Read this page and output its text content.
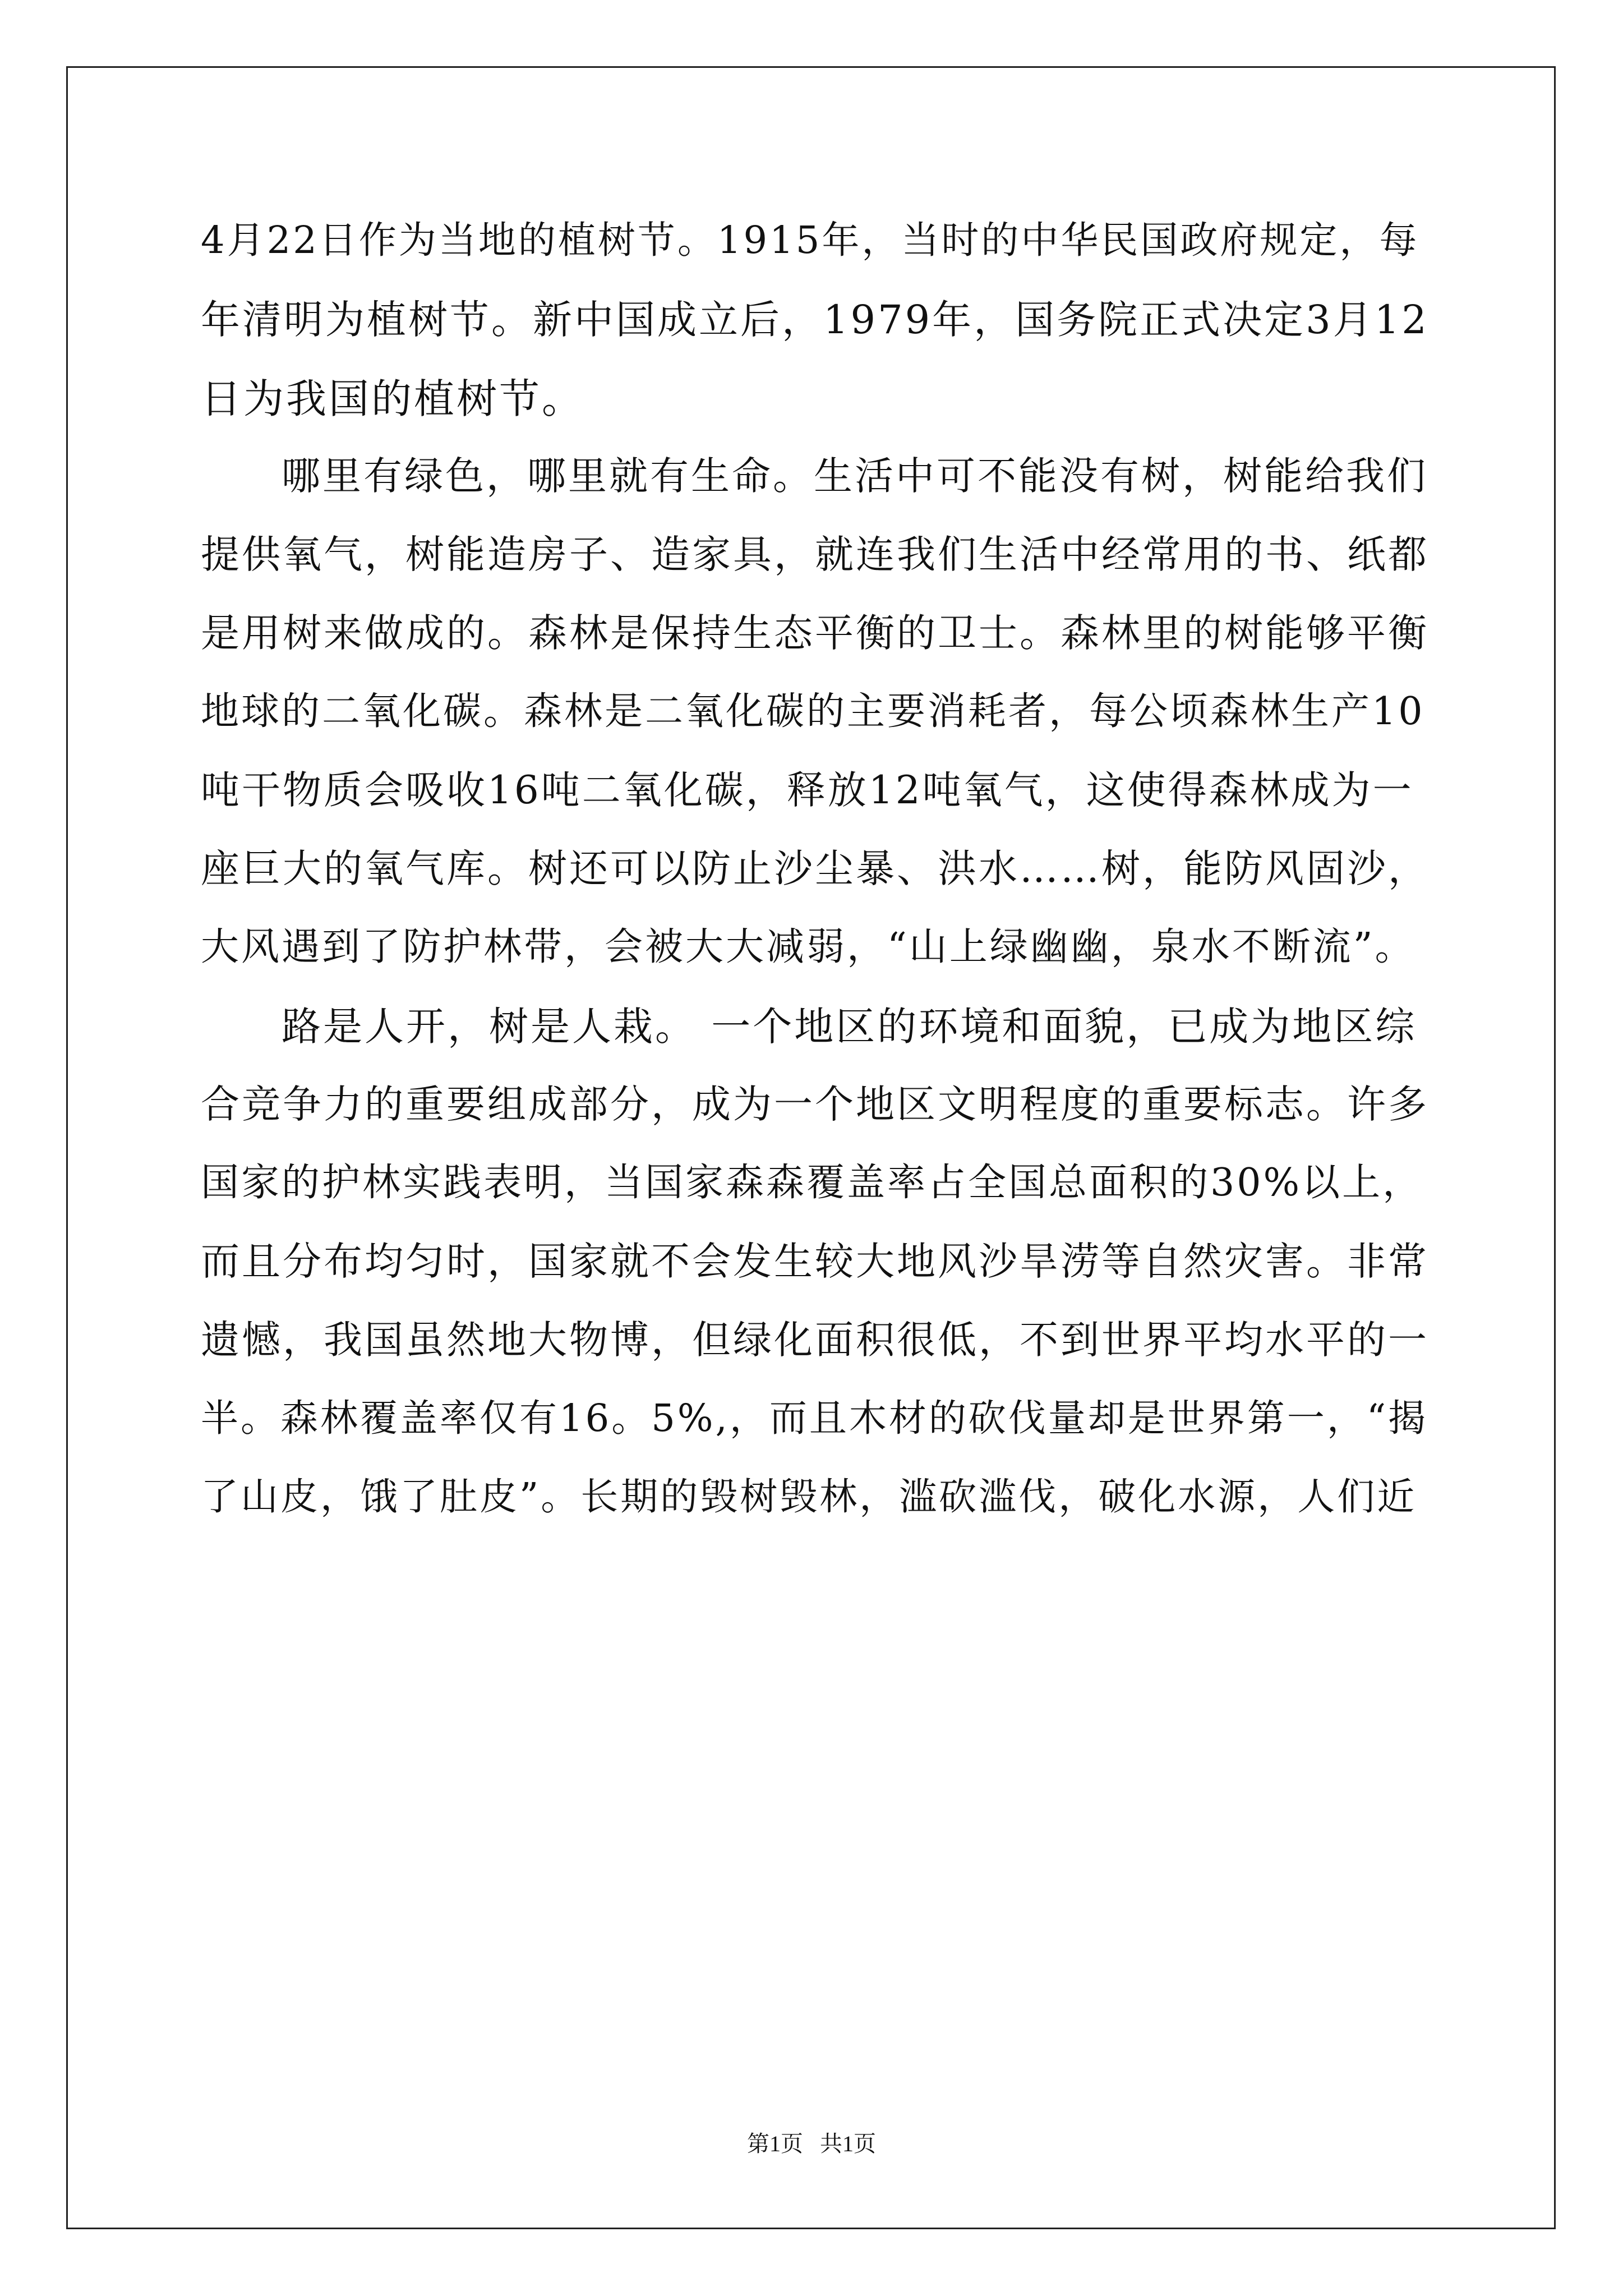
4月22日作为当地的植树节。1915年，当时的中华民国政府规定，每
年清明为植树节。新中国成立后，1979年，国务院正式决定3月12
日为我国的植树节。
哪里有绿色，哪里就有生命。生活中可不能没有树，树能给我们
提供氧气，树能造房子、造家具，就连我们生活中经常用的书、纸都
是用树来做成的。森林是保持生态平衡的卫士。森林里的树能够平衡
地球的二氧化碳。森林是二氧化碳的主要消耗者，每公顷森林生产10
吨干物质会吸收16吨二氧化碳，释放12吨氧气，这使得森林成为一
座巨大的氧气库。树还可以防止沙尘暴、洪水……树，能防风固沙，
大风遇到了防护林带，会被大大减弱，“山上绿幽幽，泉水不断流”。
路是人开，树是人栽。 一个地区的环境和面貌，已成为地区综
合竞争力的重要组成部分，成为一个地区文明程度的重要标志。许多
国家的护林实践表明，当国家森森覆盖率占全国总面积的30%以上，
而且分布均匀时，国家就不会发生较大地风沙旱涝等自然灾害。非常
遗憾，我国虽然地大物博，但绿化面积很低，不到世界平均水平的一
半。森林覆盖率仅有16。5%,，而且木材的砍伐量却是世界第一，“揭
了山皮，饿了肚皮”。长期的毁树毁林，滥砍滥伐，破化水源，人们近
第1页   共1页
